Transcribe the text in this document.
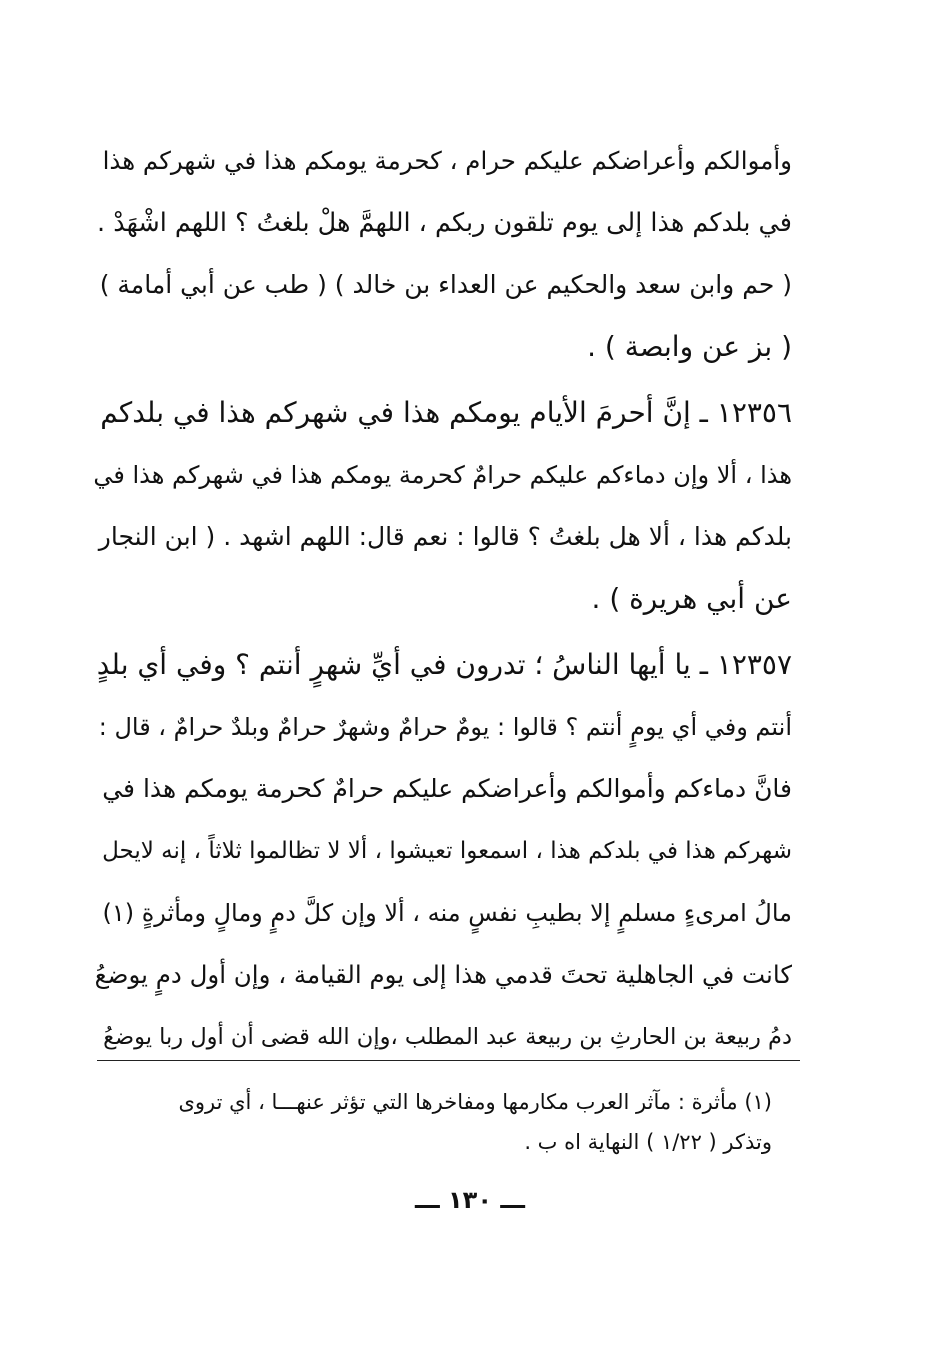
وأموالكم وأعراضكم عليكم حرام ، كحرمة يومكم هذا في شهركم هذا
في بلدكم هذا إلى يوم تلقون ربكم ، اللهمَّ هلْ بلغتُ ؟ اللهم اشْهَدْ .
( حم وابن سعد والحكيم عن العداء بن خالد ) ( طب عن أبي أمامة )
( بز عن وابصة ) .
١٢٣٥٦ ـ إنَّ أحرمَ الأيام يومكم هذا في شهركم هذا في بلدكم
هذا ، ألا وإن دماءكم عليكم حرامٌ كحرمة يومكم هذا في شهركم هذا في
بلدكم هذا ، ألا هل بلغتُ ؟ قالوا : نعم قال: اللهم اشهد . ( ابن النجار
عن أبي هريرة ) .
١٢٣٥٧ ـ يا أيها الناسُ ؛ تدرون في أيِّ شهرٍ أنتم ؟ وفي أي بلدٍ
أنتم وفي أي يومٍ أنتم ؟ قالوا : يومٌ حرامٌ وشهرٌ حرامٌ وبلدٌ حرامٌ ، قال :
فانَّ دماءكم وأموالكم وأعراضكم عليكم حرامٌ كحرمة يومكم هذا في
شهركم هذا في بلدكم هذا ، اسمعوا تعيشوا ، ألا لا تظالموا ثلاثاً ، إنه لايحل
مالُ امرىءٍ مسلمٍ إلا بطيبِ نفسٍ منه ، ألا وإن كلَّ دمٍ ومالٍ ومأثرةٍ (١)
كانت في الجاهلية تحتَ قدمي هذا إلى يوم القيامة ، وإن أول دمٍ يوضعُ
دمُ ربيعة بن الحارثِ بن ربيعة عبد المطلب ،وإن الله قضى أن أول ربا يوضعُ
(١) مأثرة : مآثر العرب مكارمها ومفاخرها التي تؤثر عنهـــا ، أي تروى
وتذكر ( ١/٢٢ ) النهاية اه ب .
ـــ ١٣٠ ـــ
